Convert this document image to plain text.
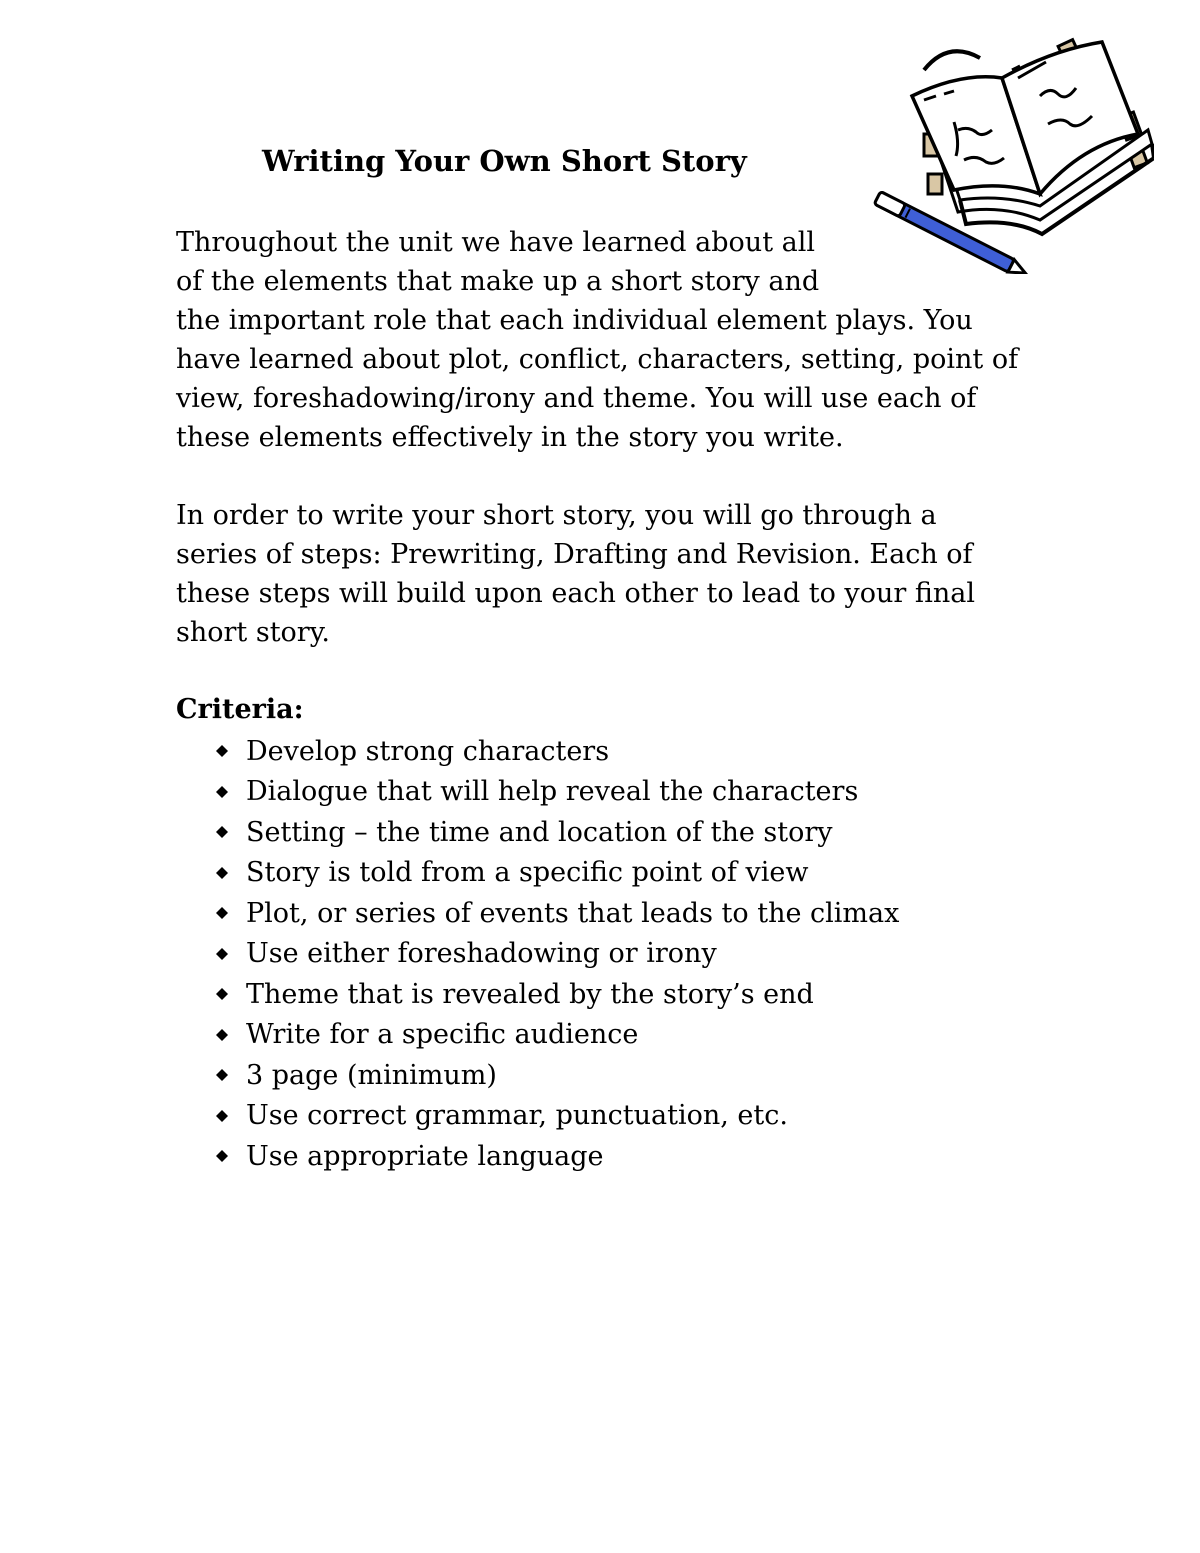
Writing Your Own Short Story

Throughout the unit we have learned about all

of the elements that make up a short story and

the important role that each individual element plays. You

have learned about plot, conflict, characters, setting, point of

view, foreshadowing/irony and theme. You will use each of

these elements effectively in the story you write.

In order to write your short story, you will go through a

series of steps: Prewriting, Drafting and Revision. Each of

these steps will build upon each other to lead to your final

short story.

Criteria:

Develop strong characters
Dialogue that will help reveal the characters
Setting – the time and location of the story
Story is told from a specific point of view
Plot, or series of events that leads to the climax
Use either foreshadowing or irony
Theme that is revealed by the story’s end
Write for a specific audience
3 page (minimum)
Use correct grammar, punctuation, etc.
Use appropriate language
